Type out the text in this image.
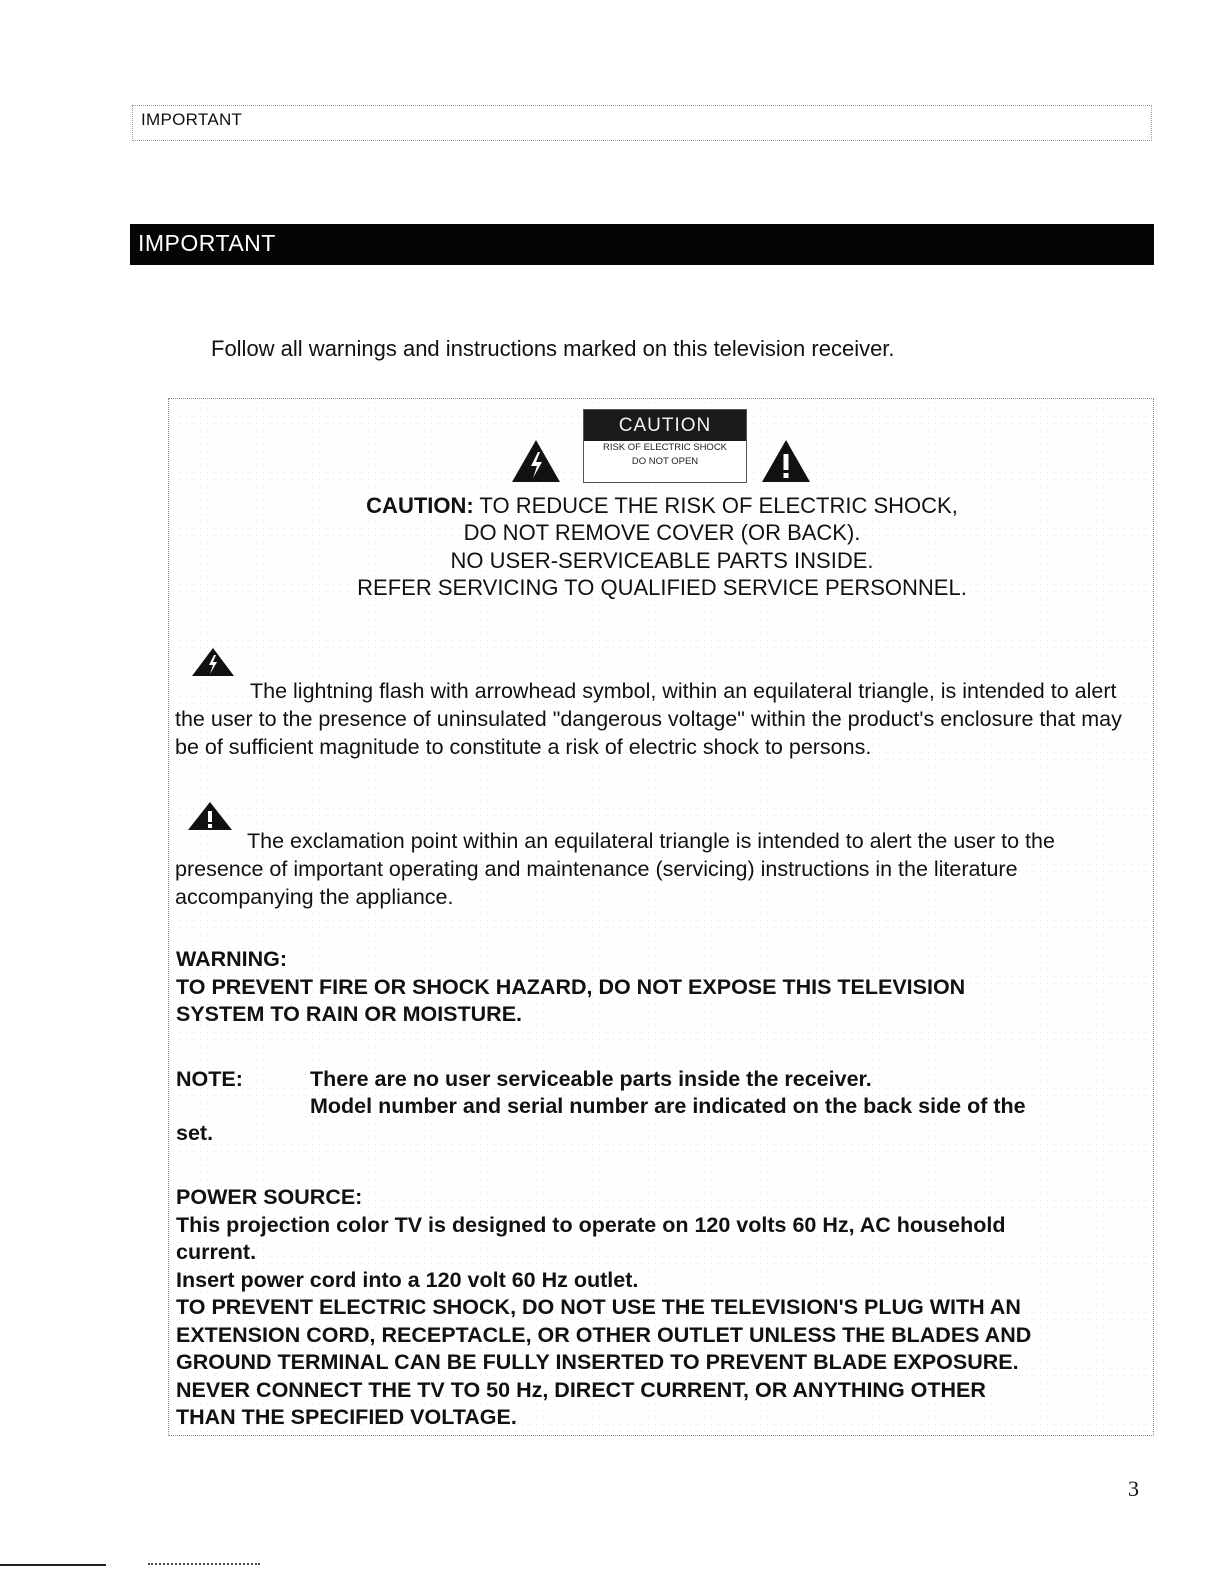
IMPORTANT
IMPORTANT
Follow all warnings and instructions marked on this television receiver.
CAUTION
RISK OF ELECTRIC SHOCK
DO NOT OPEN
CAUTION: TO REDUCE THE RISK OF ELECTRIC SHOCK,
DO NOT REMOVE COVER (OR BACK).
NO USER-SERVICEABLE PARTS INSIDE.
REFER SERVICING TO QUALIFIED SERVICE PERSONNEL.
The lightning flash with arrowhead symbol, within an equilateral triangle, is intended to alert the user to the presence of uninsulated "dangerous voltage" within the product's enclosure that may be of sufficient magnitude to constitute a risk of electric shock to persons.
The exclamation point within an equilateral triangle is intended to alert the user to the presence of important operating and maintenance (servicing) instructions in the literature accompanying the appliance.
WARNING:
TO PREVENT FIRE OR SHOCK HAZARD, DO NOT EXPOSE THIS TELEVISION
SYSTEM TO RAIN OR MOISTURE.
NOTE:	There are no user serviceable parts inside the receiver.
Model number and serial number are indicated on the back side of the
set.
POWER SOURCE:
This projection color TV is designed to operate on 120 volts 60 Hz, AC household
current.
Insert power cord into a 120 volt 60 Hz outlet.
TO PREVENT ELECTRIC SHOCK, DO NOT USE THE TELEVISION'S PLUG WITH AN
EXTENSION CORD, RECEPTACLE, OR OTHER OUTLET UNLESS THE BLADES AND
GROUND TERMINAL CAN BE FULLY INSERTED TO PREVENT BLADE EXPOSURE.
NEVER CONNECT THE TV TO 50 Hz, DIRECT CURRENT, OR ANYTHING OTHER
THAN THE SPECIFIED VOLTAGE.
3
